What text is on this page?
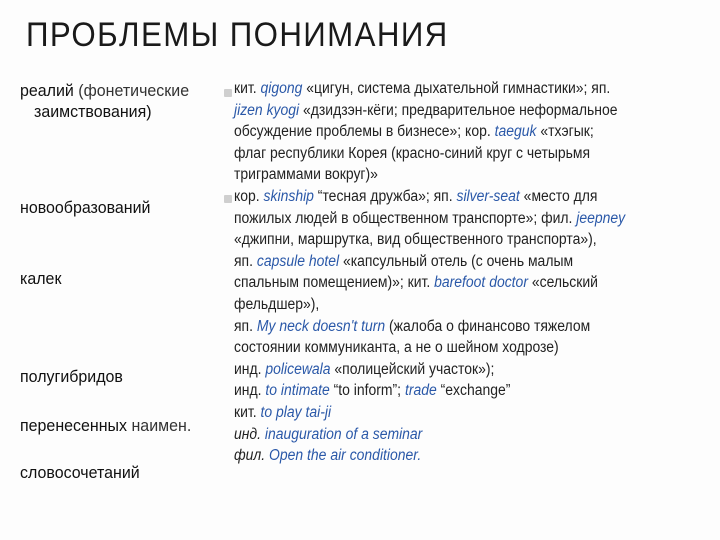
ПРОБЛЕМЫ ПОНИМАНИЯ
реалий (фонетические
заимствования)
новообразований
калек
полугибридов
перенесенных наимен.
словосочетаний
кит. qigong «цигун, система дыхательной гимнастики»; яп.
jizen kyogi «дзидзэн-кёги; предварительное неформальное
обсуждение проблемы в бизнесе»; кор. taeguk «тхэгык;
флаг республики Корея (красно-синий круг с четырьмя
триграммами вокруг)»
кор. skinship “тесная дружба»; яп. silver-seat «место для
пожилых людей в общественном транспорте»; фил. jeepney
«джипни, маршрутка, вид общественного транспорта»),
яп. capsule hotel «капсульный отель (с очень малым
спальным помещением)»; кит. barefoot doctor «сельский
фельдшер»),
яп. My neck doesn't turn (жалоба о финансово тяжелом
состоянии коммуниканта, а не о шейном ходрозе)
инд. policewala «полицейский участок»);
инд. to intimate “to inform”; trade “exchange”
кит. to play tai-ji
инд. inauguration of a seminar
фил. Open the air conditioner.
